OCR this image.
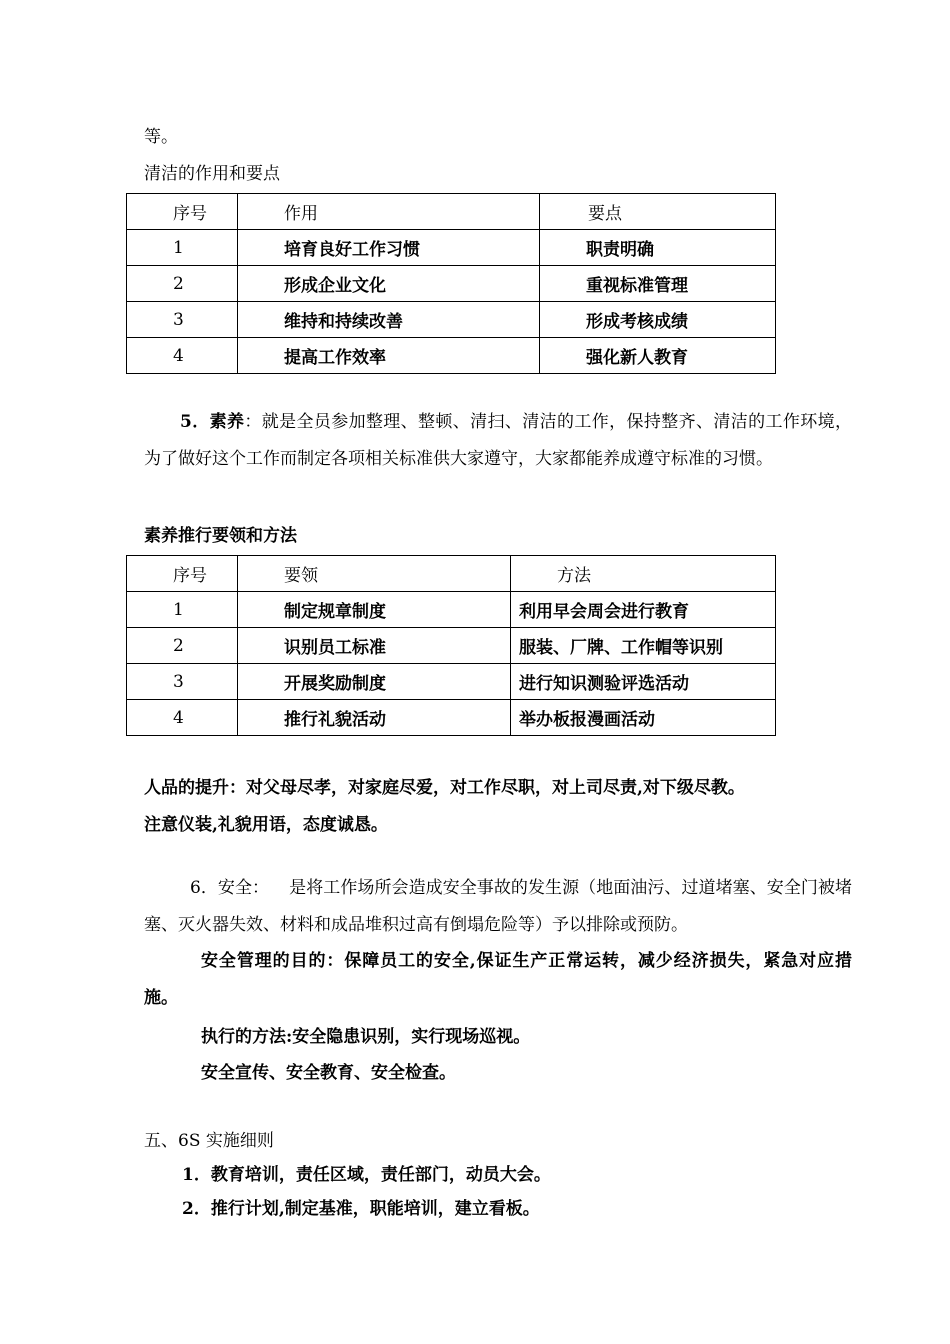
等。
清洁的作用和要点
序号	作用	要点
1	培育良好工作习惯	职责明确
2	形成企业文化	重视标准管理
3	维持和持续改善	形成考核成绩
4	提高工作效率	强化新人教育
5．素养：就是全员参加整理、整顿、清扫、清洁的工作，保持整齐、清洁的工作环境，为了做好这个工作而制定各项相关标准供大家遵守，大家都能养成遵守标准的习惯。
素养推行要领和方法
序号	要领	方法
1	制定规章制度	利用早会周会进行教育
2	识别员工标准	服装、厂牌、工作帽等识别
3	开展奖励制度	进行知识测验评选活动
4	推行礼貌活动	举办板报漫画活动
人品的提升：对父母尽孝，对家庭尽爱，对工作尽职，对上司尽责,对下级尽教。
注意仪装,礼貌用语，态度诚恳。
6．安全： 是将工作场所会造成安全事故的发生源（地面油污、过道堵塞、安全门被堵塞、灭火器失效、材料和成品堆积过高有倒塌危险等）予以排除或预防。
安全管理的目的：保障员工的安全,保证生产正常运转，减少经济损失，紧急对应措施。
执行的方法:安全隐患识别，实行现场巡视。
安全宣传、安全教育、安全检查。
五、6S 实施细则
1．教育培训，责任区域，责任部门，动员大会。
2．推行计划,制定基准，职能培训，建立看板。
